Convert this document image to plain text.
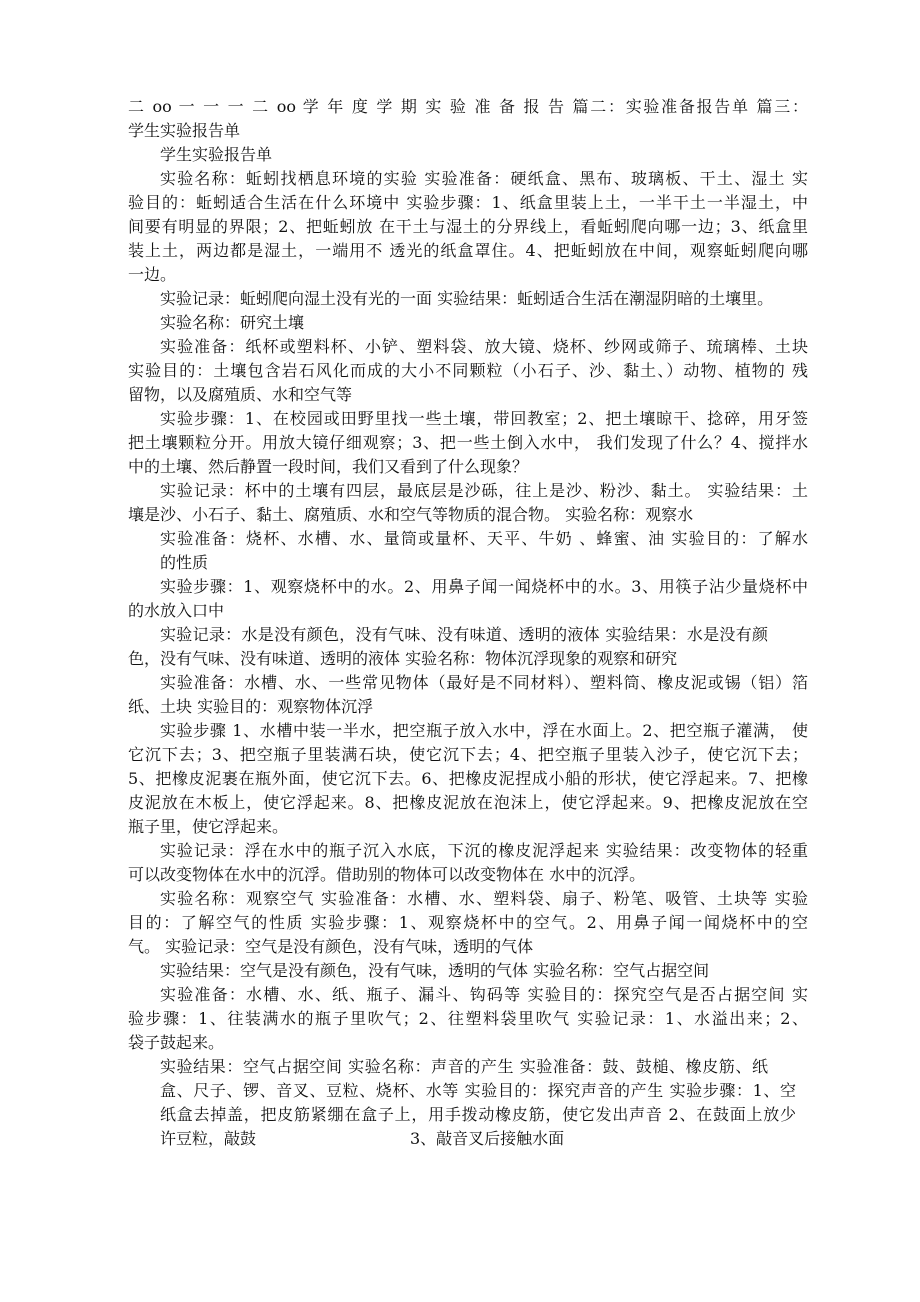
二 oo 一 一 一 二 oo 学 年 度 学 期 实 验 准 备 报 告 篇二：实验准备报告单 篇三：
学生实验报告单
学生实验报告单
实验名称：蚯蚓找栖息环境的实验 实验准备：硬纸盒、黑布、玻璃板、干土、湿土 实
验目的：蚯蚓适合生活在什么环境中 实验步骤：1、纸盒里装上土，一半干土一半湿土，中
间要有明显的界限；2、把蚯蚓放 在干土与湿土的分界线上，看蚯蚓爬向哪一边；3、纸盒里
装上土，两边都是湿土，一端用不 透光的纸盒罩住。4、把蚯蚓放在中间，观察蚯蚓爬向哪
一边。
实验记录：蚯蚓爬向湿土没有光的一面 实验结果：蚯蚓适合生活在潮湿阴暗的土壤里。
实验名称：研究土壤
实验准备：纸杯或塑料杯、小铲、塑料袋、放大镜、烧杯、纱网或筛子、琉璃棒、土块
实验目的：土壤包含岩石风化而成的大小不同颗粒（小石子、沙、黏土、）动物、植物的 残
留物，以及腐殖质、水和空气等
实验步骤：1、在校园或田野里找一些土壤，带回教室；2、把土壤晾干、捻碎，用牙签
把土壤颗粒分开。用放大镜仔细观察；3、把一些土倒入水中， 我们发现了什么？4、搅拌水
中的土壤、然后静置一段时间，我们又看到了什么现象？
实验记录：杯中的土壤有四层，最底层是沙砾，往上是沙、粉沙、黏土。 实验结果：土
壤是沙、小石子、黏土、腐殖质、水和空气等物质的混合物。 实验名称：观察水
实验准备：烧杯、水槽、水、量筒或量杯、天平、牛奶 、蜂蜜、油 实验目的：了解水
的性质
实验步骤：1、观察烧杯中的水。2、用鼻子闻一闻烧杯中的水。3、用筷子沾少量烧杯中
的水放入口中
实验记录：水是没有颜色，没有气味、没有味道、透明的液体 实验结果：水是没有颜
色，没有气味、没有味道、透明的液体 实验名称：物体沉浮现象的观察和研究
实验准备：水槽、水、一些常见物体（最好是不同材料）、塑料筒、橡皮泥或锡（铝）箔
纸、土块 实验目的：观察物体沉浮
实验步骤 1、水槽中装一半水，把空瓶子放入水中，浮在水面上。2、把空瓶子灌满， 使
它沉下去；3、把空瓶子里装满石块，使它沉下去；4、把空瓶子里装入沙子，使它沉下去；
5、把橡皮泥裹在瓶外面，使它沉下去。6、把橡皮泥捏成小船的形状，使它浮起来。7、把橡
皮泥放在木板上，使它浮起来。8、把橡皮泥放在泡沫上，使它浮起来。9、把橡皮泥放在空
瓶子里，使它浮起来。
实验记录：浮在水中的瓶子沉入水底，下沉的橡皮泥浮起来 实验结果：改变物体的轻重
可以改变物体在水中的沉浮。借助别的物体可以改变物体在 水中的沉浮。
实验名称：观察空气 实验准备：水槽、水、塑料袋、扇子、粉笔、吸管、土块等 实验
目的：了解空气的性质 实验步骤：1、观察烧杯中的空气。2、用鼻子闻一闻烧杯中的空
气。 实验记录：空气是没有颜色，没有气味，透明的气体
实验结果：空气是没有颜色，没有气味，透明的气体 实验名称：空气占据空间
实验准备：水槽、水、纸、瓶子、漏斗、钩码等 实验目的：探究空气是否占据空间 实
验步骤：1、往装满水的瓶子里吹气；2、往塑料袋里吹气 实验记录：1、水溢出来；2、
袋子鼓起来。
实验结果：空气占据空间 实验名称：声音的产生 实验准备：鼓、鼓槌、橡皮筋、纸
盒、尺子、锣、音叉、豆粒、烧杯、水等 实验目的：探究声音的产生 实验步骤：1、空
纸盒去掉盖，把皮筋紧绷在盒子上，用手拨动橡皮筋，使它发出声音 2、在鼓面上放少
许豆粒，敲鼓	3、敲音叉后接触水面
